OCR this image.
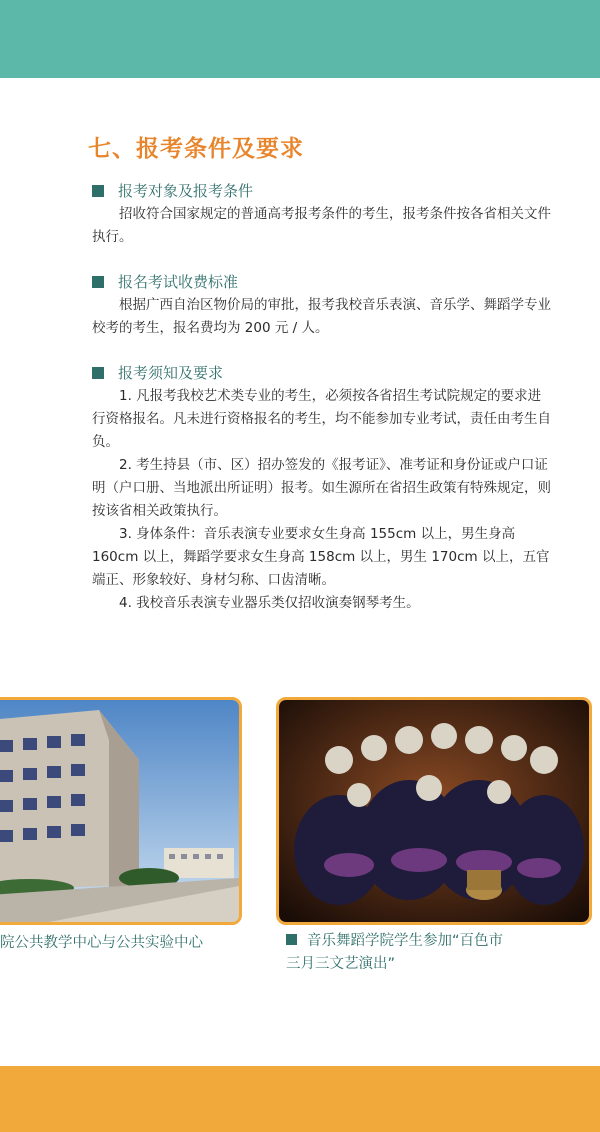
七、报考条件及要求
报考对象及报考条件

招收符合国家规定的普通高考报考条件的考生，报考条件按各省相关文件执行。

报名考试收费标准

根据广西自治区物价局的审批，报考我校音乐表演、音乐学、舞蹈学专业校考的考生，报名费均为 200 元 / 人。

报考须知及要求

1. 凡报考我校艺术类专业的考生，必须按各省招生考试院规定的要求进行资格报名。凡未进行资格报名的考生，均不能参加专业考试，责任由考生自负。

2. 考生持县（市、区）招办签发的《报考证》、准考证和身份证或户口证明（户口册、当地派出所证明）报考。如生源所在省招生政策有特殊规定，则按该省相关政策执行。

3. 身体条件：音乐表演专业要求女生身高 155cm 以上，男生身高 160cm 以上，舞蹈学要求女生身高 158cm 以上，男生 170cm 以上，五官端正、形象较好、身材匀称、口齿清晰。

4. 我校音乐表演专业器乐类仅招收演奏钢琴考生。

院公共教学中心与公共实验中心	音乐舞蹈学院学生参加“百色市
三月三文艺演出”
